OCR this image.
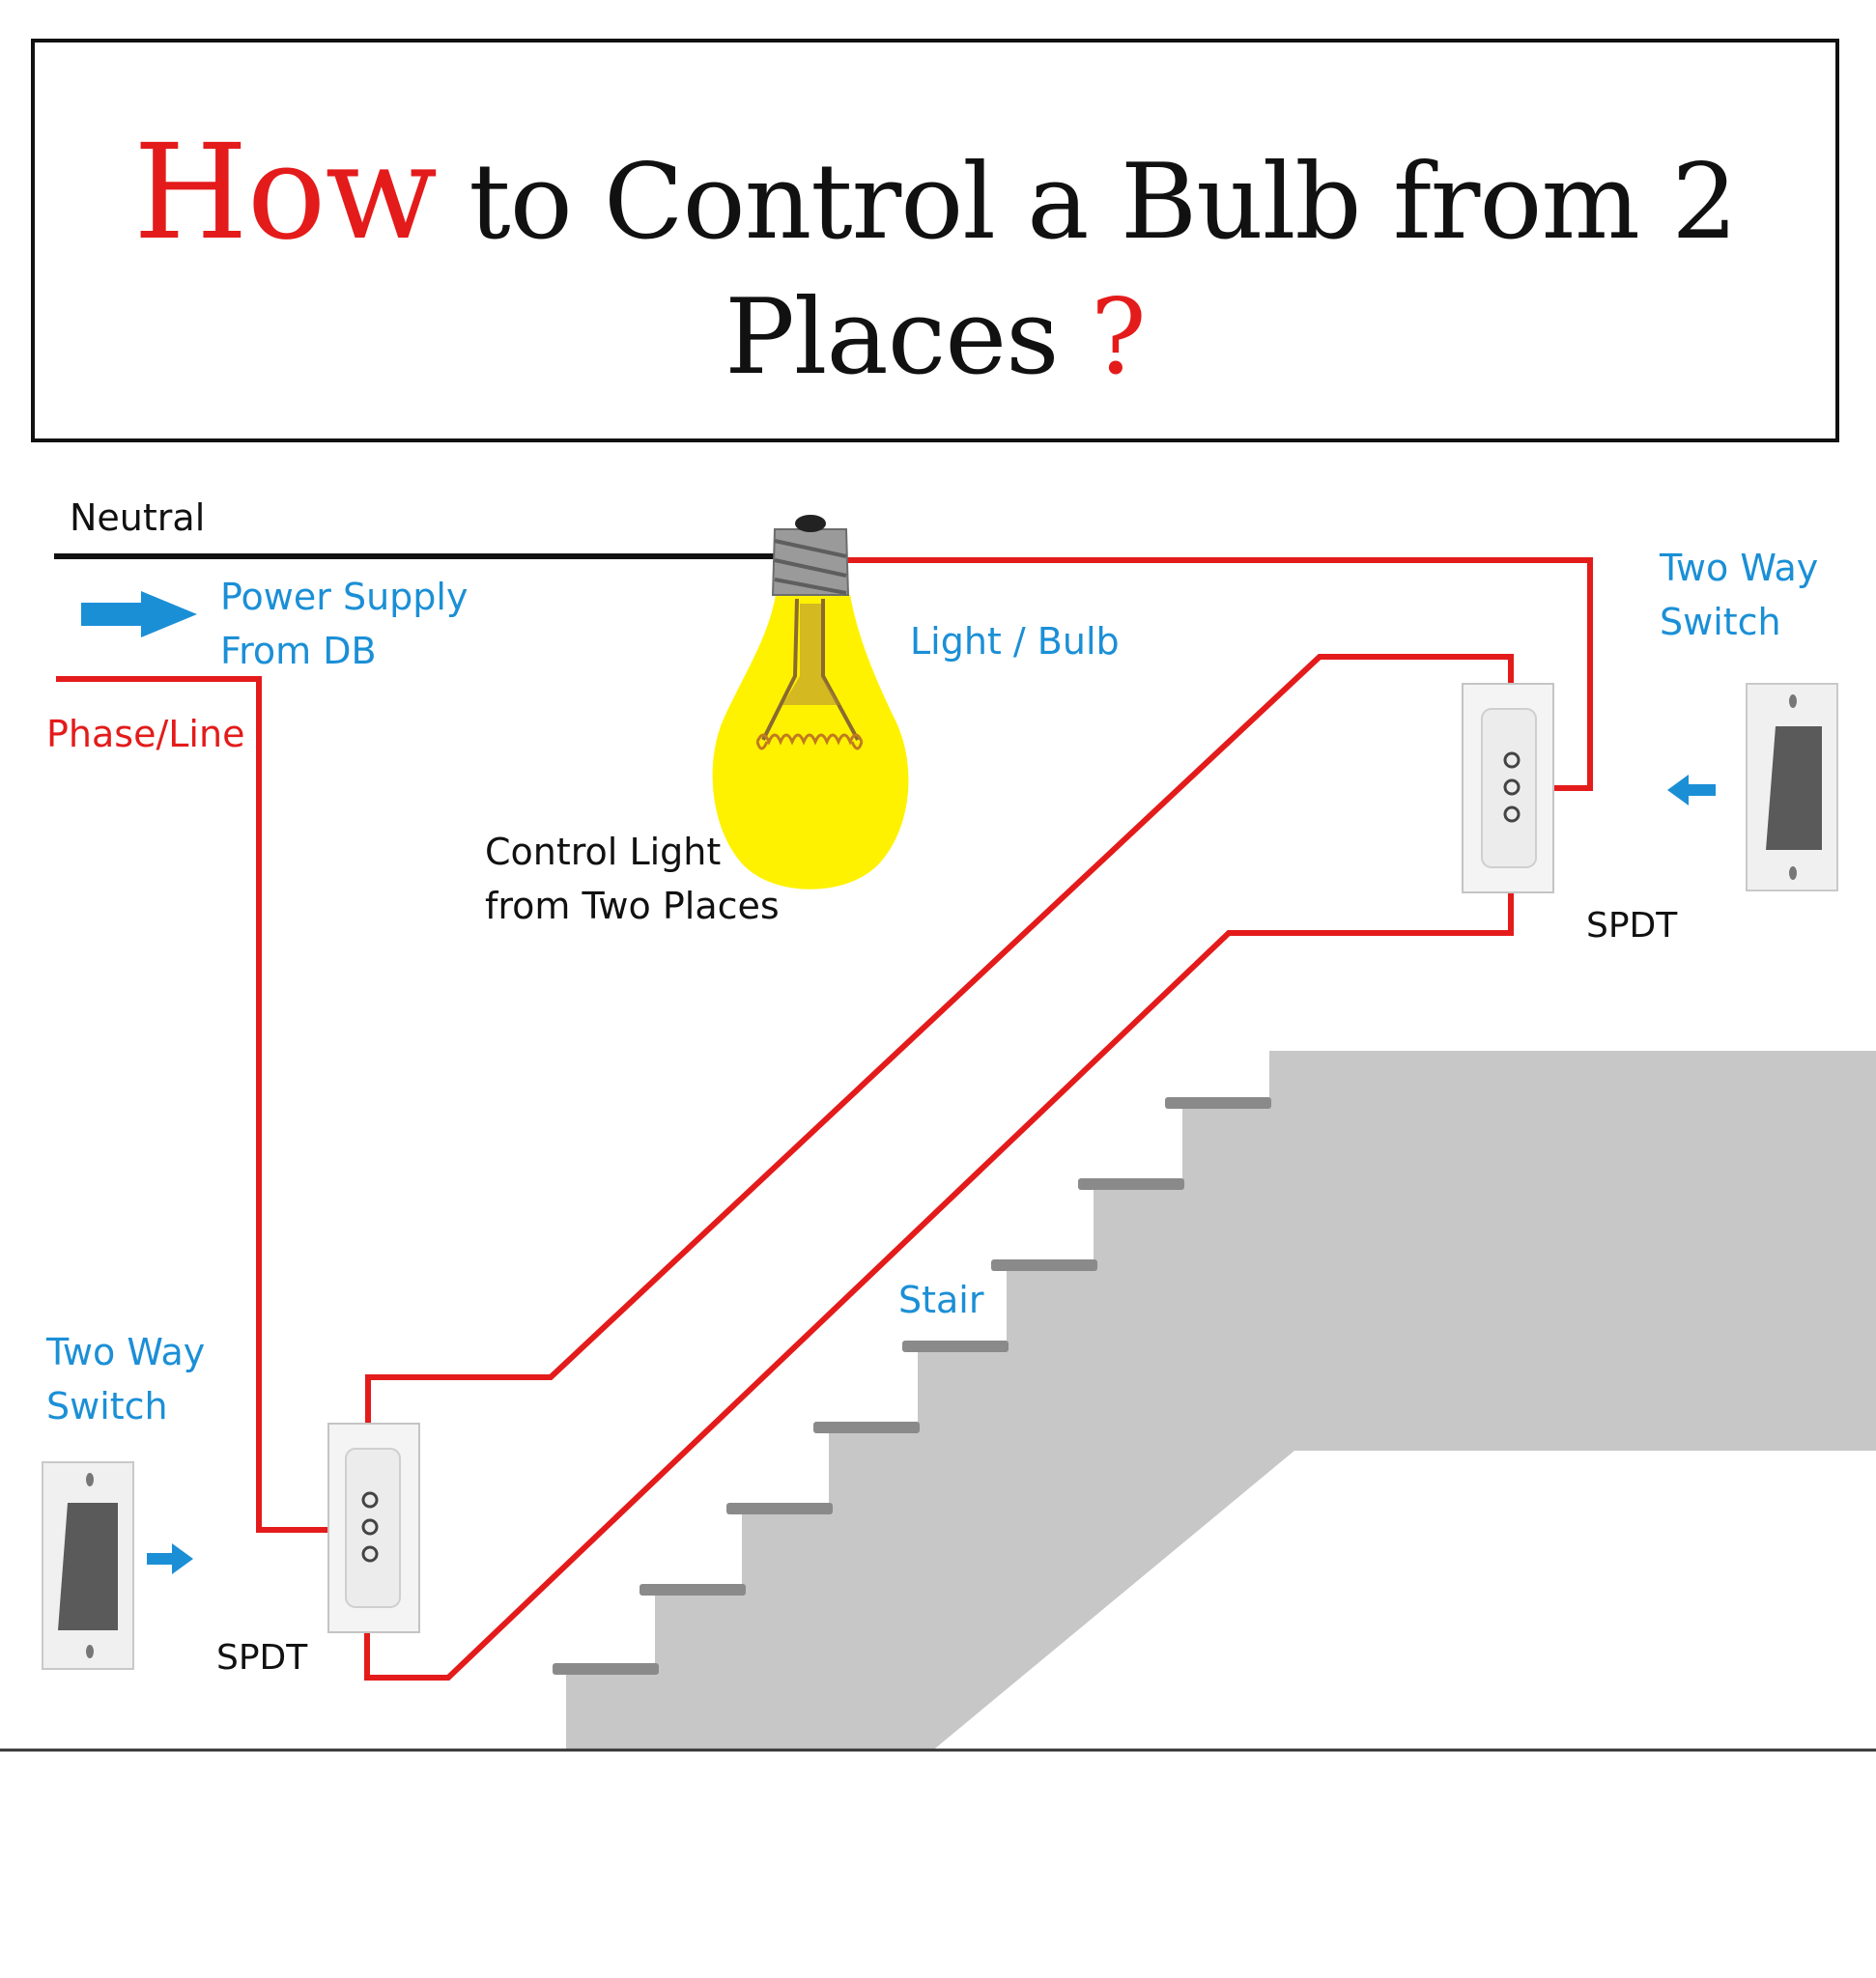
How to Control a Bulb from 2
Places ?
Neutral
Power Supply
From DB
Phase/Line
Light / Bulb
Control Light
from Two Places
Two Way
Switch
SPDT
Stair
Two Way
Switch
SPDT
